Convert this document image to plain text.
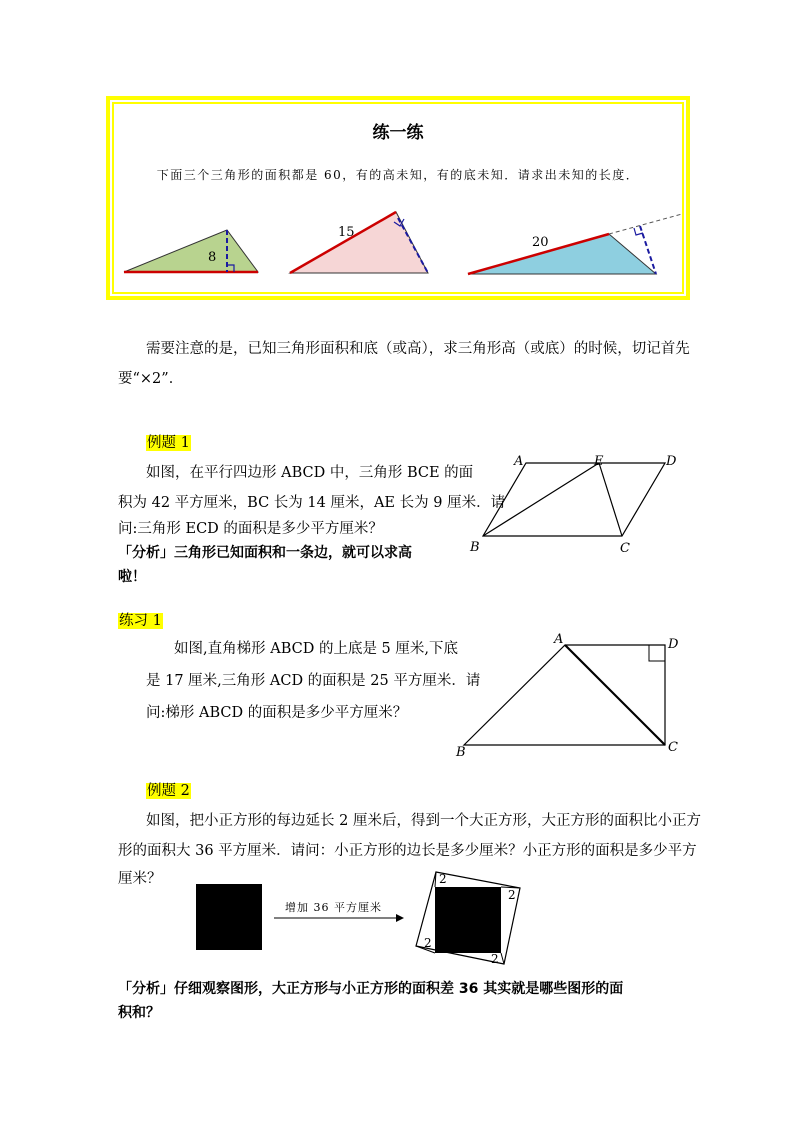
练一练
下面三个三角形的面积都是 60，有的高未知，有的底未知．请求出未知的长度．
8
15
20
需要注意的是，已知三角形面积和底（或高），求三角形高（或底）的时候，切记首先
要“×2”．
例题 1
如图，在平行四边形 ABCD 中，三角形 BCE 的面
积为 42 平方厘米，BC 长为 14 厘米，AE 长为 9 厘米．请
问:三角形 ECD 的面积是多少平方厘米？
「分析」三角形已知面积和一条边，就可以求高
啦！
A	E	D
B	C
练习 1
如图,直角梯形 ABCD 的上底是 5 厘米,下底
是 17 厘米,三角形 ACD 的面积是 25 平方厘米．请
问:梯形 ABCD 的面积是多少平方厘米？
A	D
B	C
例题 2
如图，把小正方形的每边延长 2 厘米后，得到一个大正方形，大正方形的面积比小正方
形的面积大 36 平方厘米．请问：小正方形的边长是多少厘米？小正方形的面积是多少平方
厘米？
增加 36 平方厘米
2
2
2
2
「分析」仔细观察图形，大正方形与小正方形的面积差 36 其实就是哪些图形的面
积和？
